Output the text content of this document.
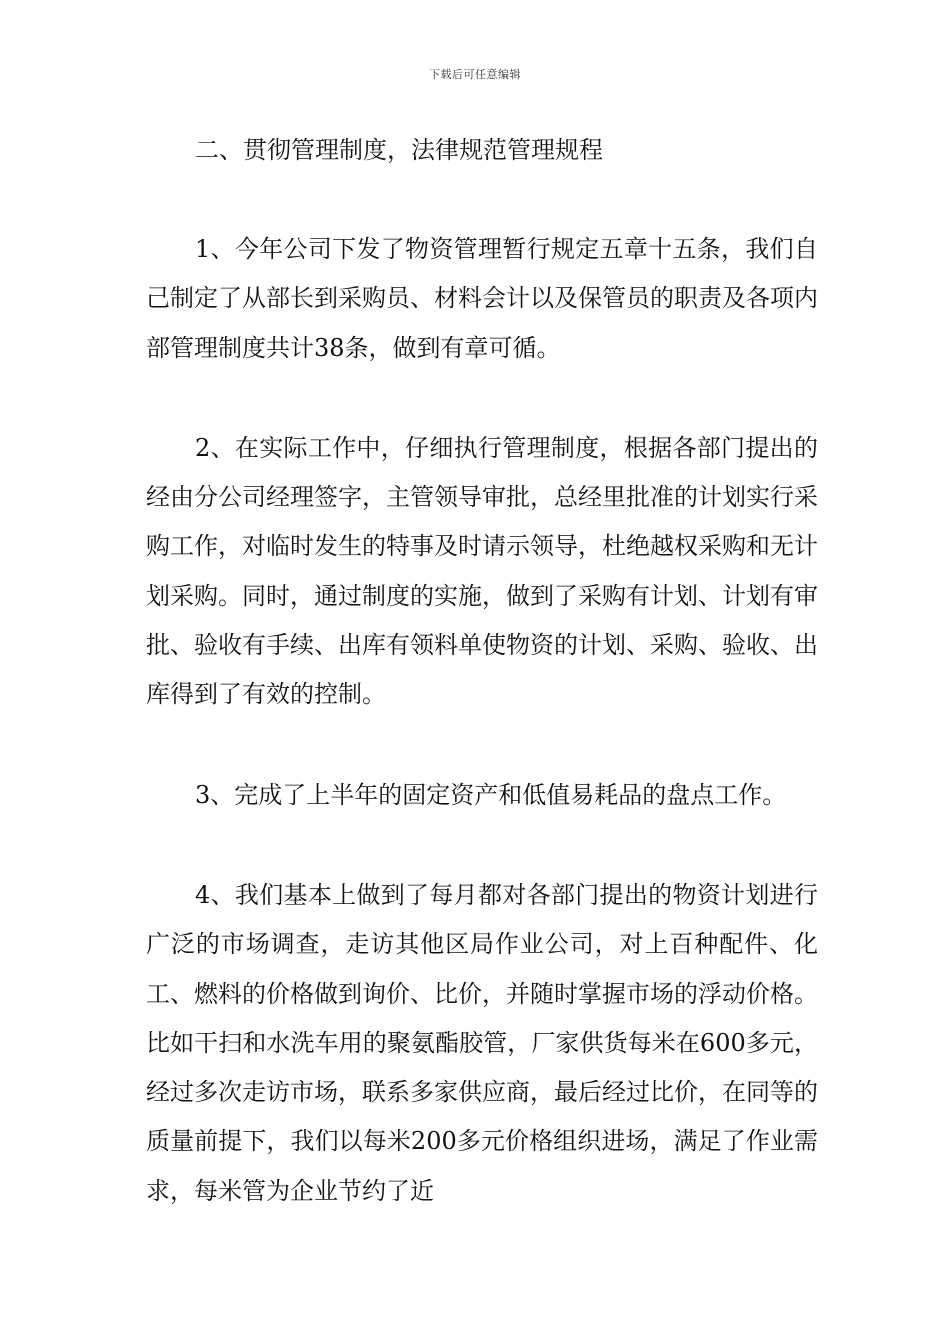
下载后可任意编辑
二、贯彻管理制度，法律规范管理规程

1、今年公司下发了物资管理暂行规定五章十五条，我们自己制定了从部长到采购员、材料会计以及保管员的职责及各项内部管理制度共计38条，做到有章可循。

2、在实际工作中，仔细执行管理制度，根据各部门提出的经由分公司经理签字，主管领导审批，总经里批准的计划实行采购工作，对临时发生的特事及时请示领导，杜绝越权采购和无计划采购。同时，通过制度的实施，做到了采购有计划、计划有审批、验收有手续、出库有领料单使物资的计划、采购、验收、出库得到了有效的控制。

3、完成了上半年的固定资产和低值易耗品的盘点工作。

4、我们基本上做到了每月都对各部门提出的物资计划进行广泛的市场调查，走访其他区局作业公司，对上百种配件、化工、燃料的价格做到询价、比价，并随时掌握市场的浮动价格。比如干扫和水洗车用的聚氨酯胶管，厂家供货每米在600多元，经过多次走访市场，联系多家供应商，最后经过比价，在同等的质量前提下，我们以每米200多元价格组织进场，满足了作业需求，每米管为企业节约了近
